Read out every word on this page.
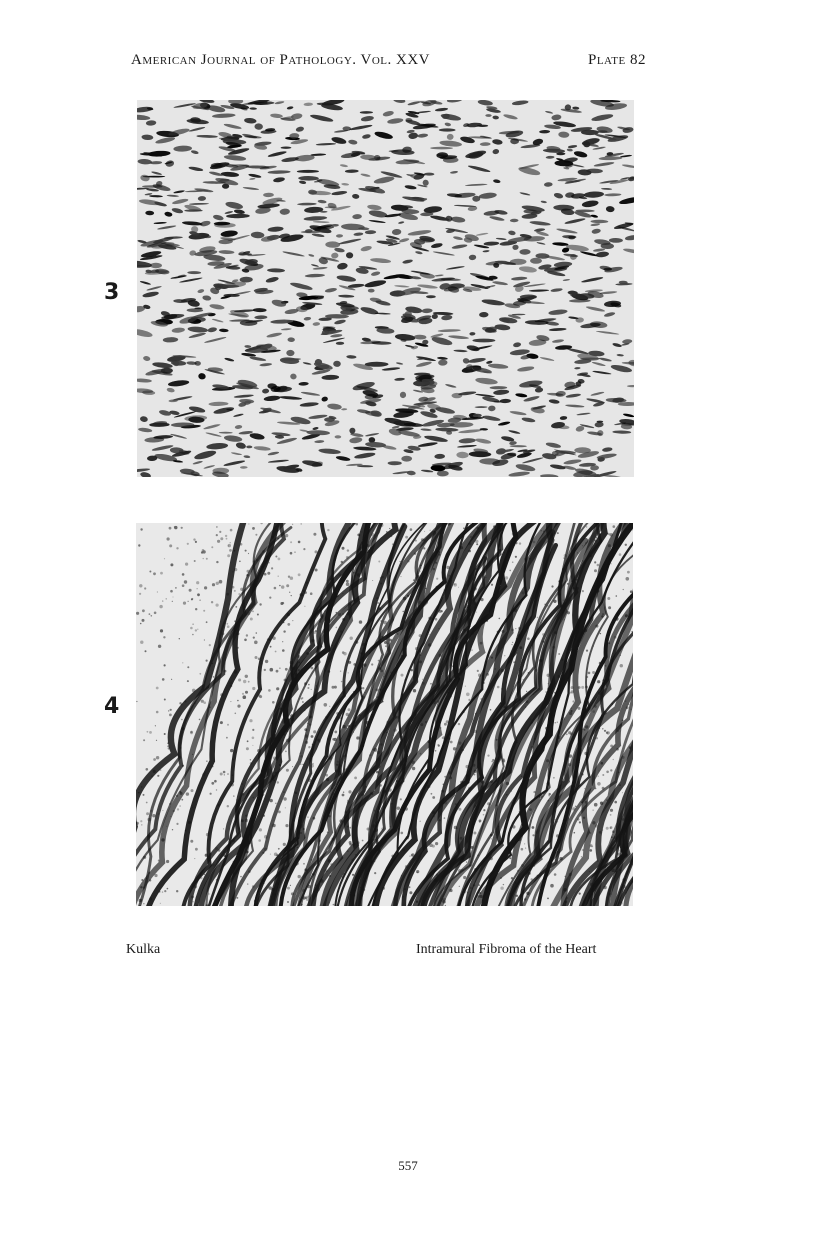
American Journal of Pathology. Vol. XXV	Plate 82
3
4
Kulka	Intramural Fibroma of the Heart
557
